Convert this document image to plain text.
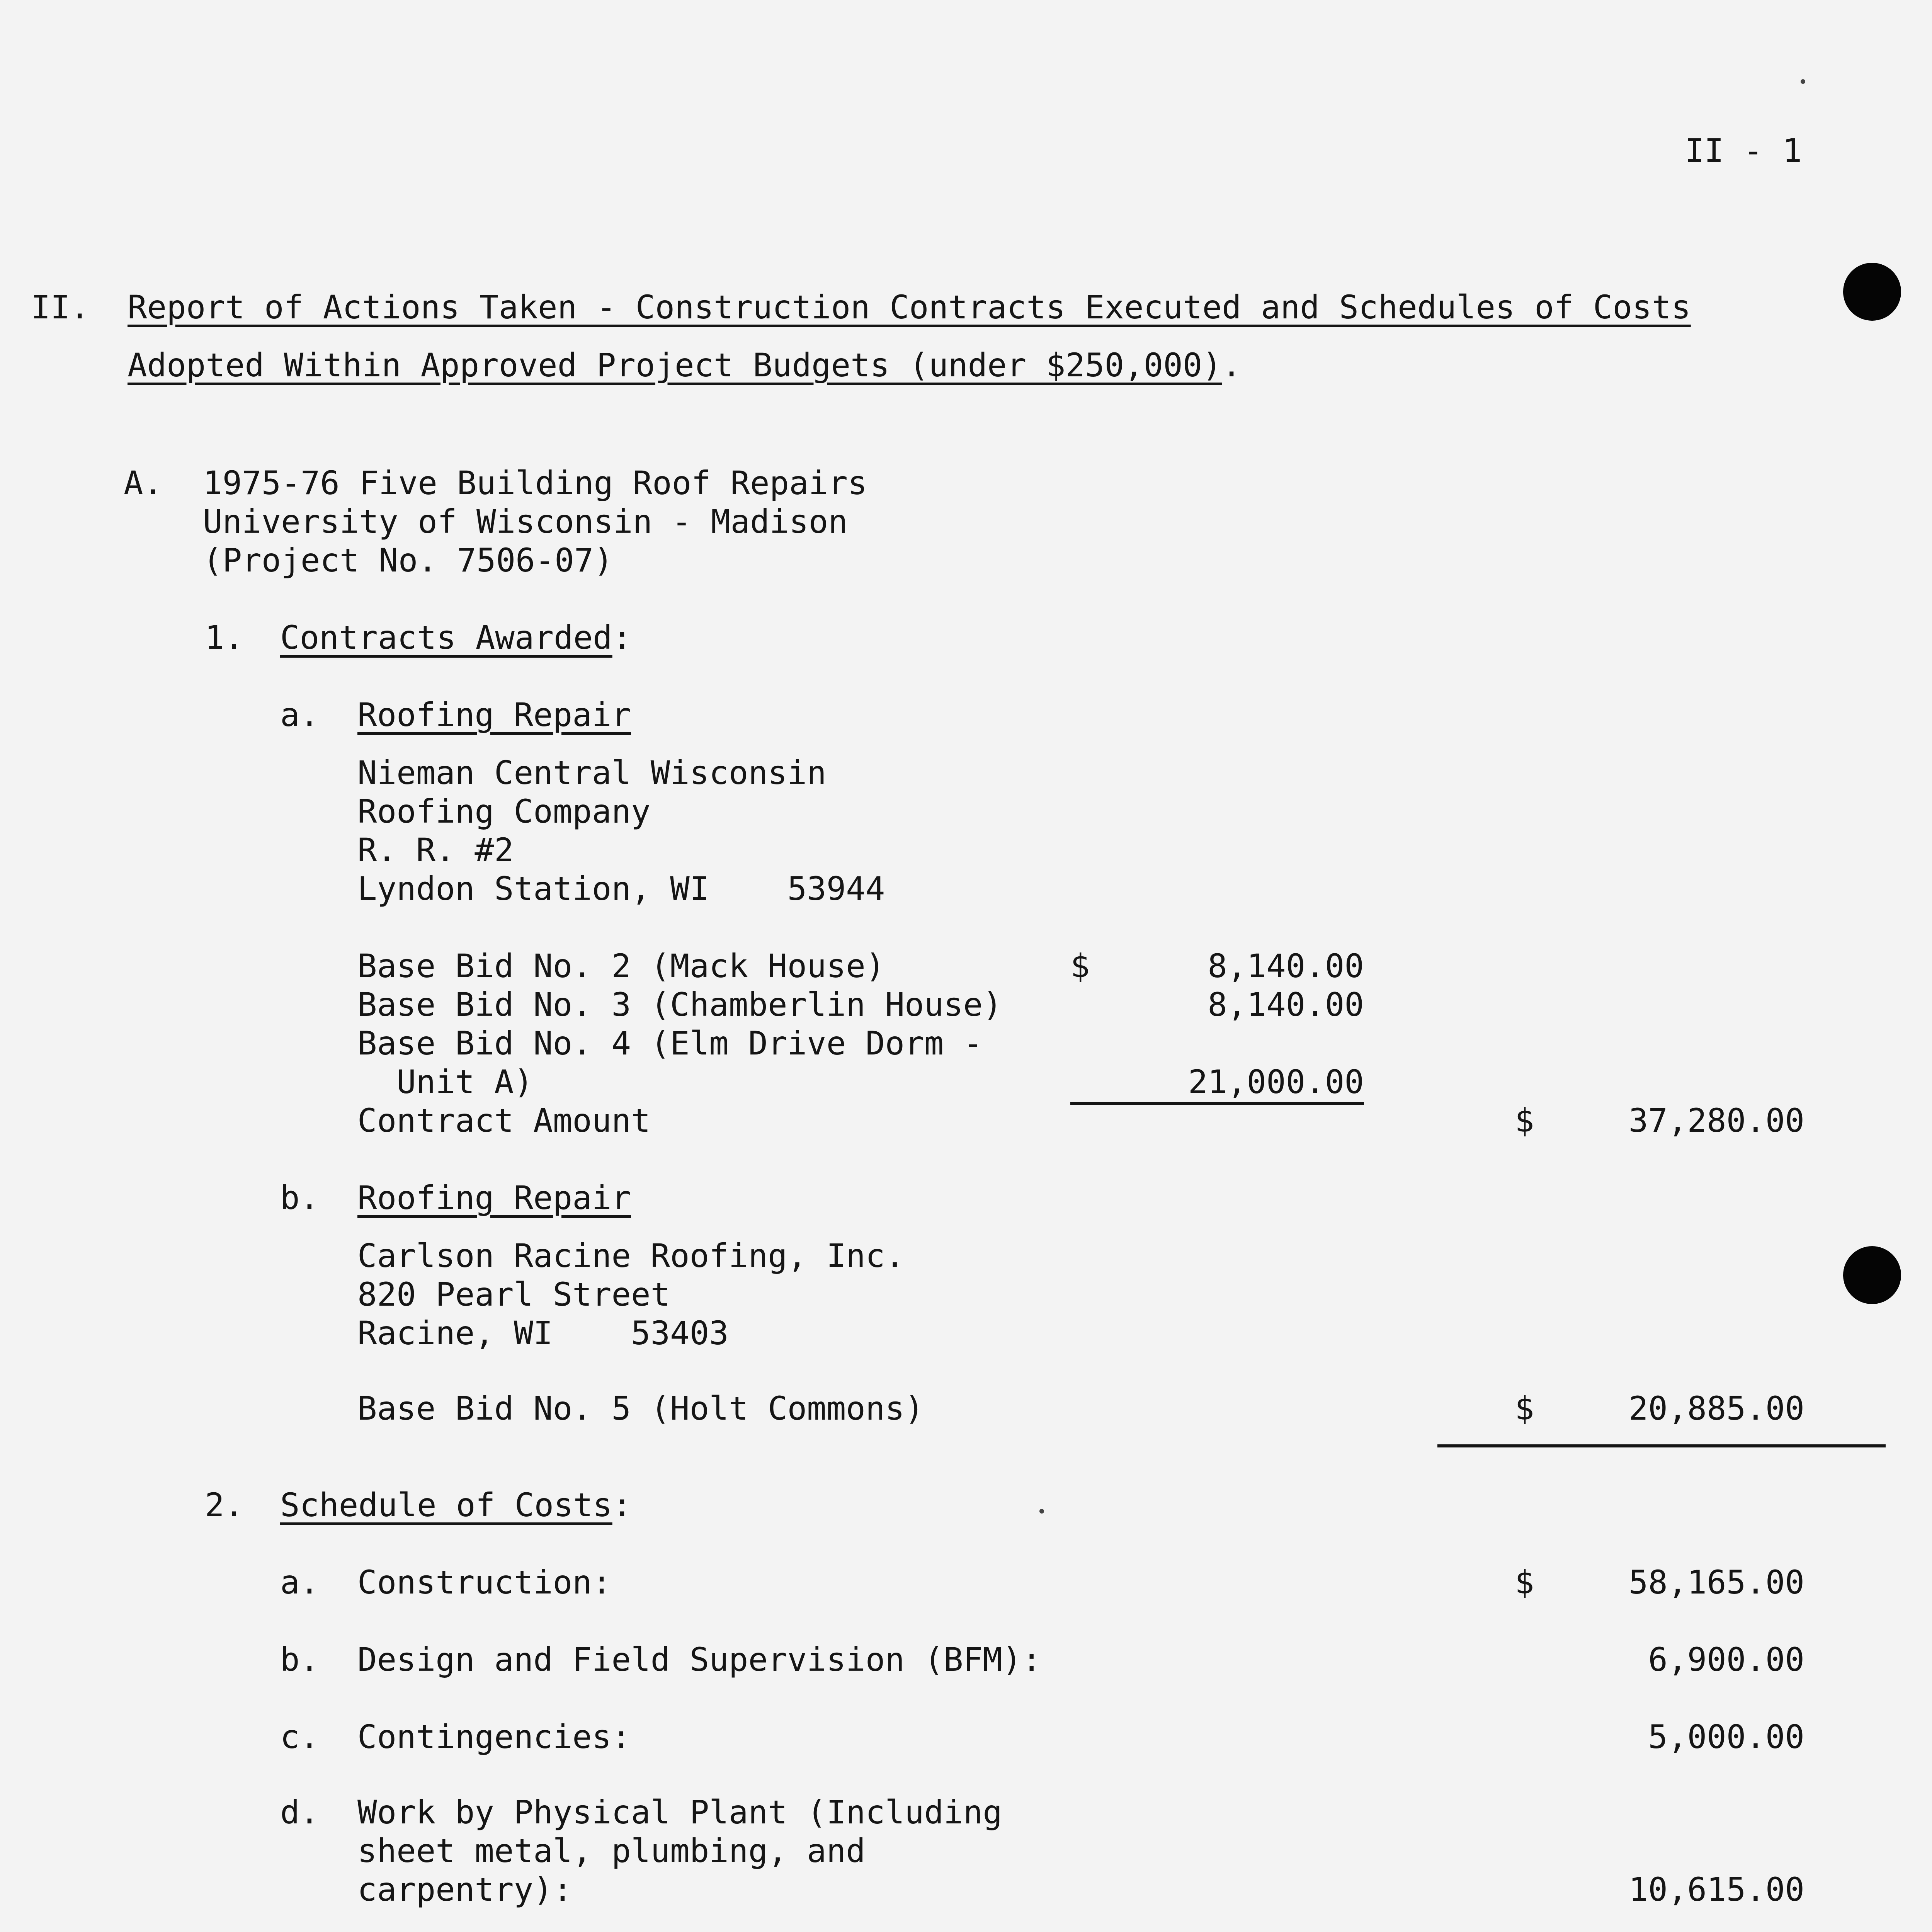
II - 1
II. Report of Actions Taken - Construction Contracts Executed and Schedules of Costs
Adopted Within Approved Project Budgets (under $250,000).
A. 1975-76 Five Building Roof Repairs
University of Wisconsin - Madison
(Project No. 7506-07)
1. Contracts Awarded:
a. Roofing Repair
Nieman Central Wisconsin
Roofing Company
R. R. #2
Lyndon Station, WI    53944
Base Bid No. 2 (Mack House)	$	8,140.00
Base Bid No. 3 (Chamberlin House)	8,140.00
Base Bid No. 4 (Elm Drive Dorm -
Unit A)	21,000.00
Contract Amount	$	37,280.00
b. Roofing Repair
Carlson Racine Roofing, Inc.
820 Pearl Street
Racine, WI    53403
Base Bid No. 5 (Holt Commons)	$	20,885.00
2. Schedule of Costs:
a. Construction:	$	58,165.00
b. Design and Field Supervision (BFM):	6,900.00
c. Contingencies:	5,000.00
d. Work by Physical Plant (Including
sheet metal, plumbing, and
carpentry):	10,615.00
